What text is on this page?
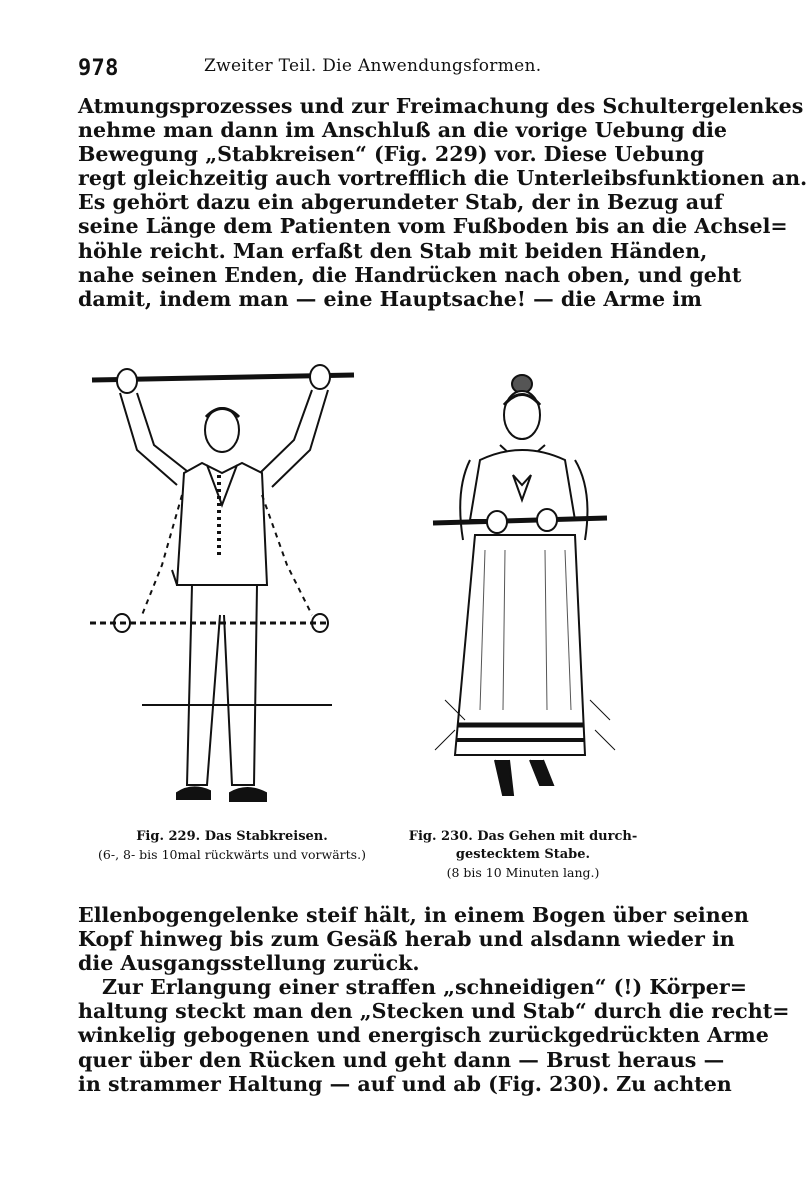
978	Zweiter Teil. Die Anwendungsformen.
Atmungsprozesses und zur Freimachung des Schultergelenkes
nehme man dann im Anschluß an die vorige Uebung die
Bewegung „Stabkreisen“ (Fig. 229) vor. Diese Uebung
regt gleichzeitig auch vortrefflich die Unterleibsfunktionen an.
Es gehört dazu ein abgerundeter Stab, der in Bezug auf
seine Länge dem Patienten vom Fußboden bis an die Achsel=
höhle reicht. Man erfaßt den Stab mit beiden Händen,
nahe seinen Enden, die Handrücken nach oben, und geht
damit, indem man — eine Hauptsache! — die Arme im
Fig. 229. Das Stabkreisen.
(6-, 8- bis 10mal rückwärts und vorwärts.)
Fig. 230. Das Gehen mit durch-
gestecktem Stabe.
(8 bis 10 Minuten lang.)
Ellenbogengelenke steif hält, in einem Bogen über seinen
Kopf hinweg bis zum Gesäß herab und alsdann wieder in
die Ausgangsstellung zurück.
Zur Erlangung einer straffen „schneidigen“ (!) Körper=
haltung steckt man den „Stecken und Stab“ durch die recht=
winkelig gebogenen und energisch zurückgedrückten Arme
quer über den Rücken und geht dann — Brust heraus —
in strammer Haltung — auf und ab (Fig. 230). Zu achten
